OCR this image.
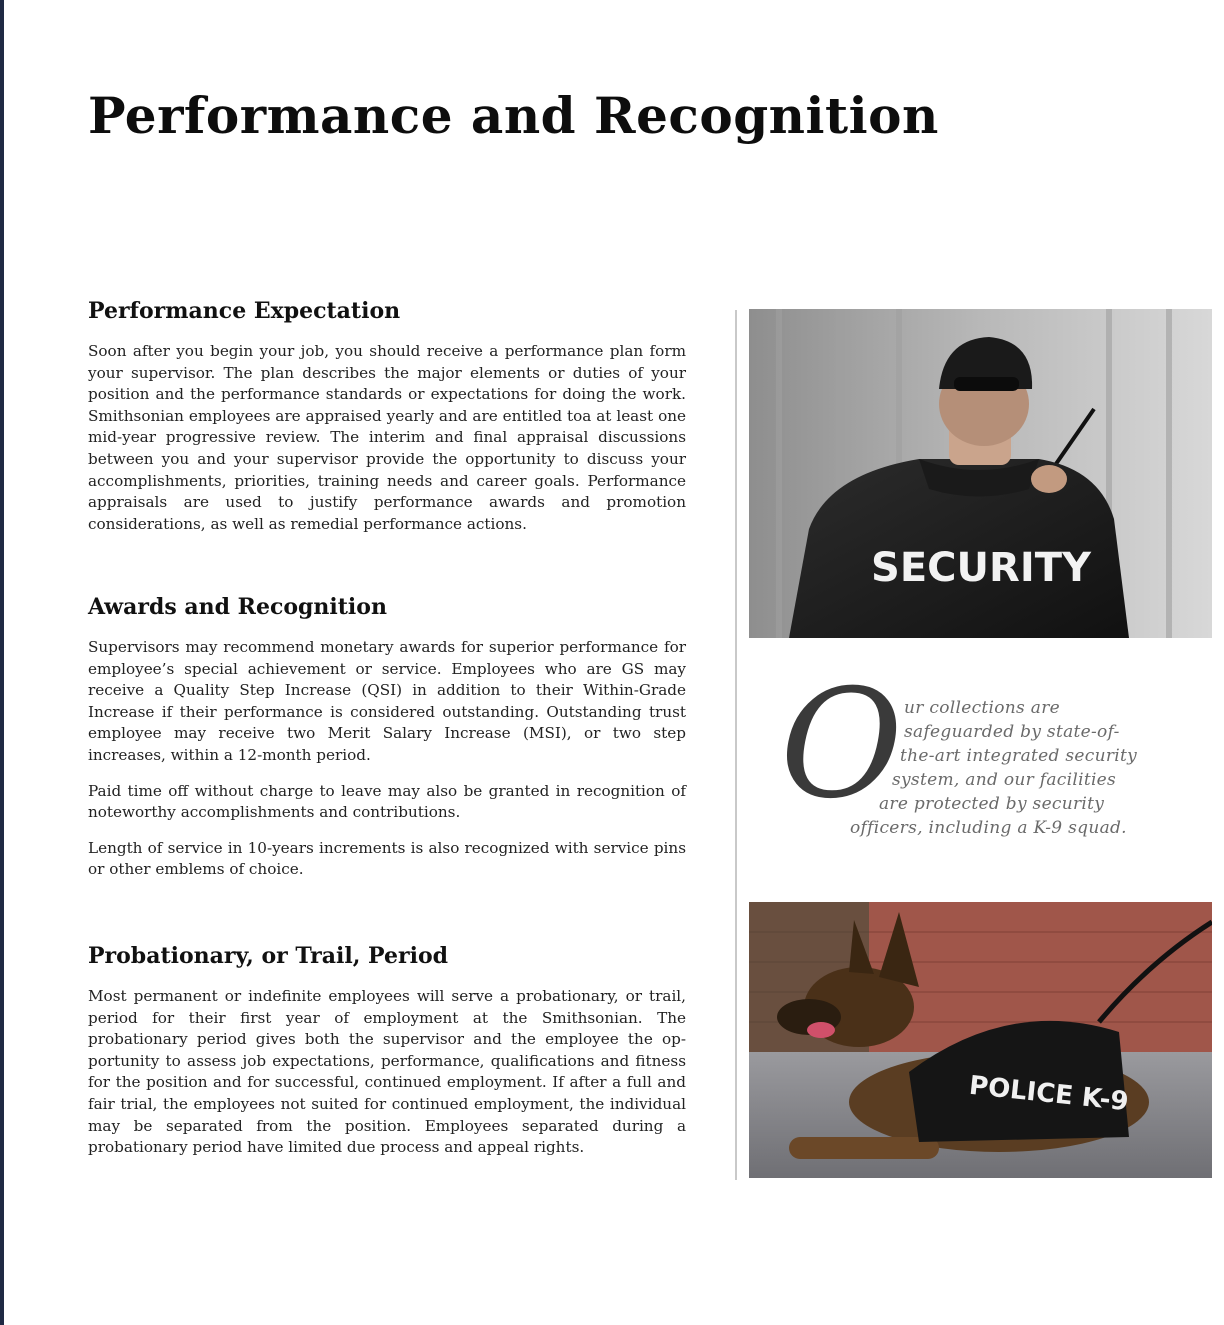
Performance and Recognition
Performance Expectation

Soon after you begin your job, you should receive a performance plan form your supervisor. The plan describes the major elements or duties of your position and the performance standards or expectations for doing the work. Smithsonian employees are appraised yearly and are entitled toa at least one mid-year progressive review. The interim and final appraisal discussions between you and your supervisor provide the opportunity to discuss your accomplishments, priorities, training needs and career goals. Performance appraisals are used to justify performance awards and promotion considerations, as well as remedial performance actions.

Awards and Recognition

Supervisors may recommend monetary awards for superior performance for employee’s special achievement or service. Employees who are GS may receive a Quality Step Increase (QSI) in addition to their Within-Grade Increase if their performance is considered outstanding. Outstanding trust employee may receive two Merit Salary Increase (MSI), or two step increases, within a 12-month period.

Paid time off without charge to leave may also be granted in recognition of noteworthy accomplishments and contributions.

Length of service in 10-years increments is also recognized with service pins or other emblems of choice.

Probationary, or Trail, Period

Most permanent or indefinite employees will serve a probationary, or trail, period for their first year of employment at the Smithsonian. The probationary period gives both the supervisor and the employee the opportunity to assess job expectations, performance, qualifications and fitness for the position and for successful, continued employment. If after a full and fair trial, the employees not suited for continued employment, the individual may be separated from the position. Employees separated during a probationary period have limited due process and appeal rights.

SECURITY
O ur collections are
safeguarded by state-of-
the-art integrated security
system, and our facilities
are protected by security
officers, including a K-9 squad.
POLICE K-9
